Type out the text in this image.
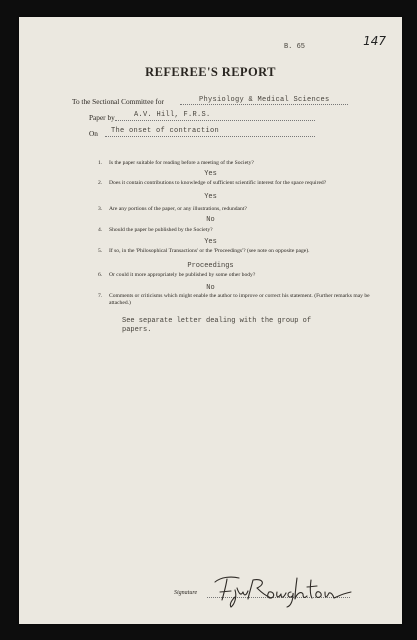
B. 65	147
REFEREE'S REPORT
To the Sectional Committee for	Physiology & Medical Sciences
Paper by	A.V. Hill, F.R.S.
On The onset of contraction
1. Is the paper suitable for reading before a meeting of the Society?
Yes
2. Does it contain contributions to knowledge of sufficient scientific interest for the space required?
Yes
3. Are any portions of the paper, or any illustrations, redundant?
No
4. Should the paper be published by the Society?
Yes
5. If so, in the 'Philosophical Transactions' or the 'Proceedings'? (see note on opposite page).
Proceedings
6. Or could it more appropriately be published by some other body?
No
7. Comments or criticisms which might enable the author to improve or correct his statement. (Further remarks may be attached.)
See separate letter dealing with the group of papers.
Signature
